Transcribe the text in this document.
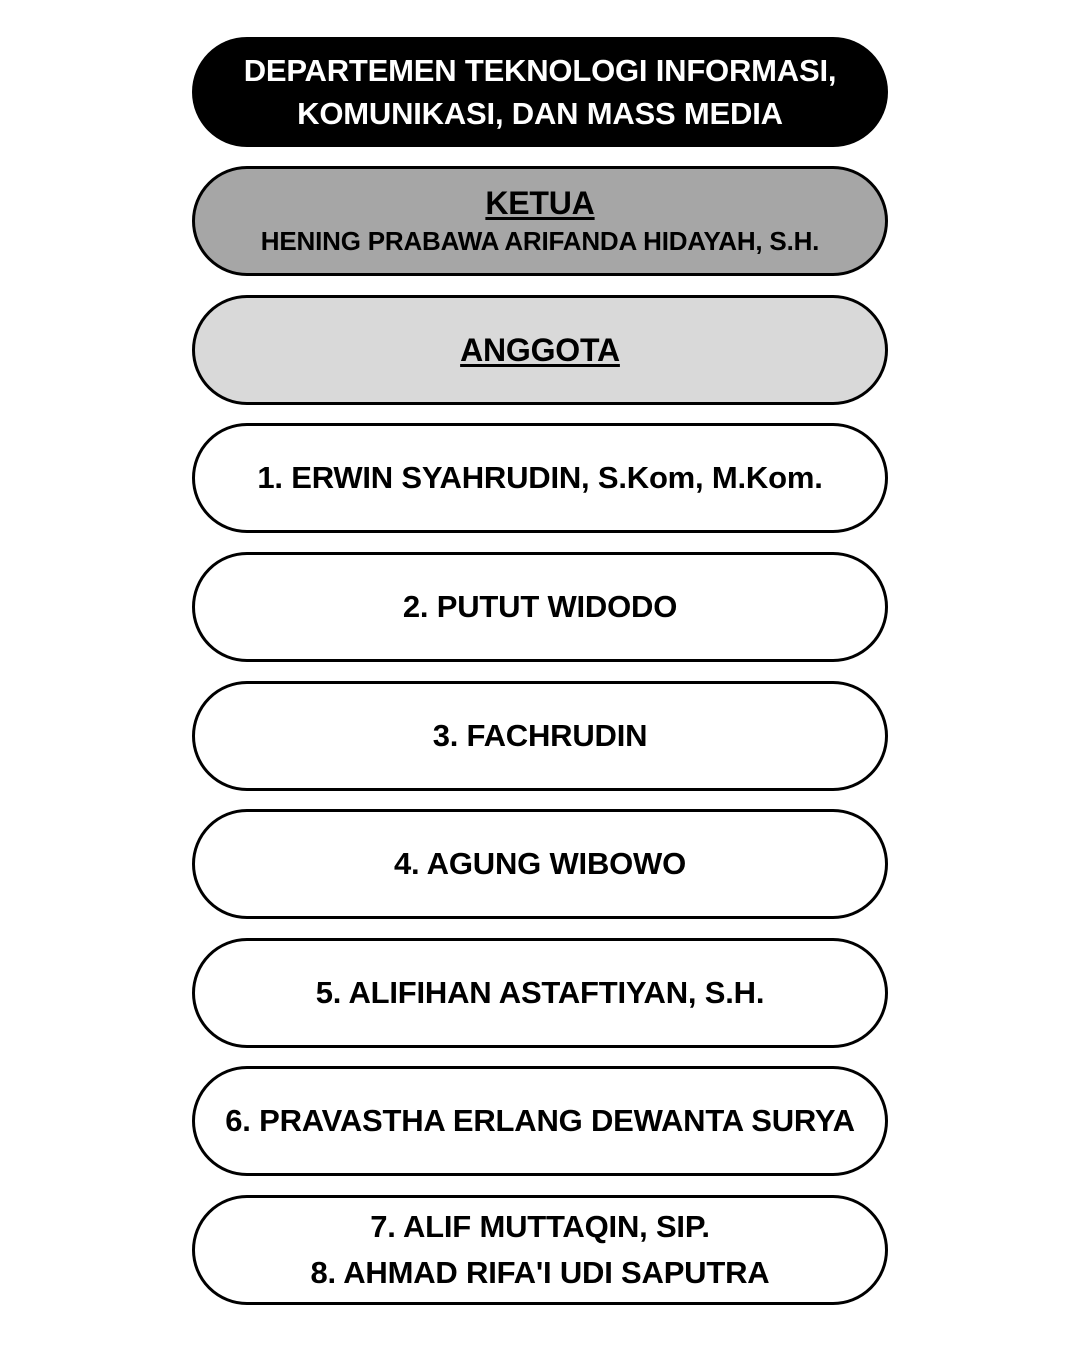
DEPARTEMEN TEKNOLOGI INFORMASI,
KOMUNIKASI, DAN MASS MEDIA
KETUA
HENING PRABAWA ARIFANDA HIDAYAH, S.H.
ANGGOTA
1. ERWIN SYAHRUDIN, S.Kom, M.Kom.
2. PUTUT WIDODO
3. FACHRUDIN
4. AGUNG WIBOWO
5. ALIFIHAN ASTAFTIYAN, S.H.
6. PRAVASTHA ERLANG DEWANTA SURYA
7. ALIF MUTTAQIN, SIP.
8. AHMAD RIFA'I UDI SAPUTRA
